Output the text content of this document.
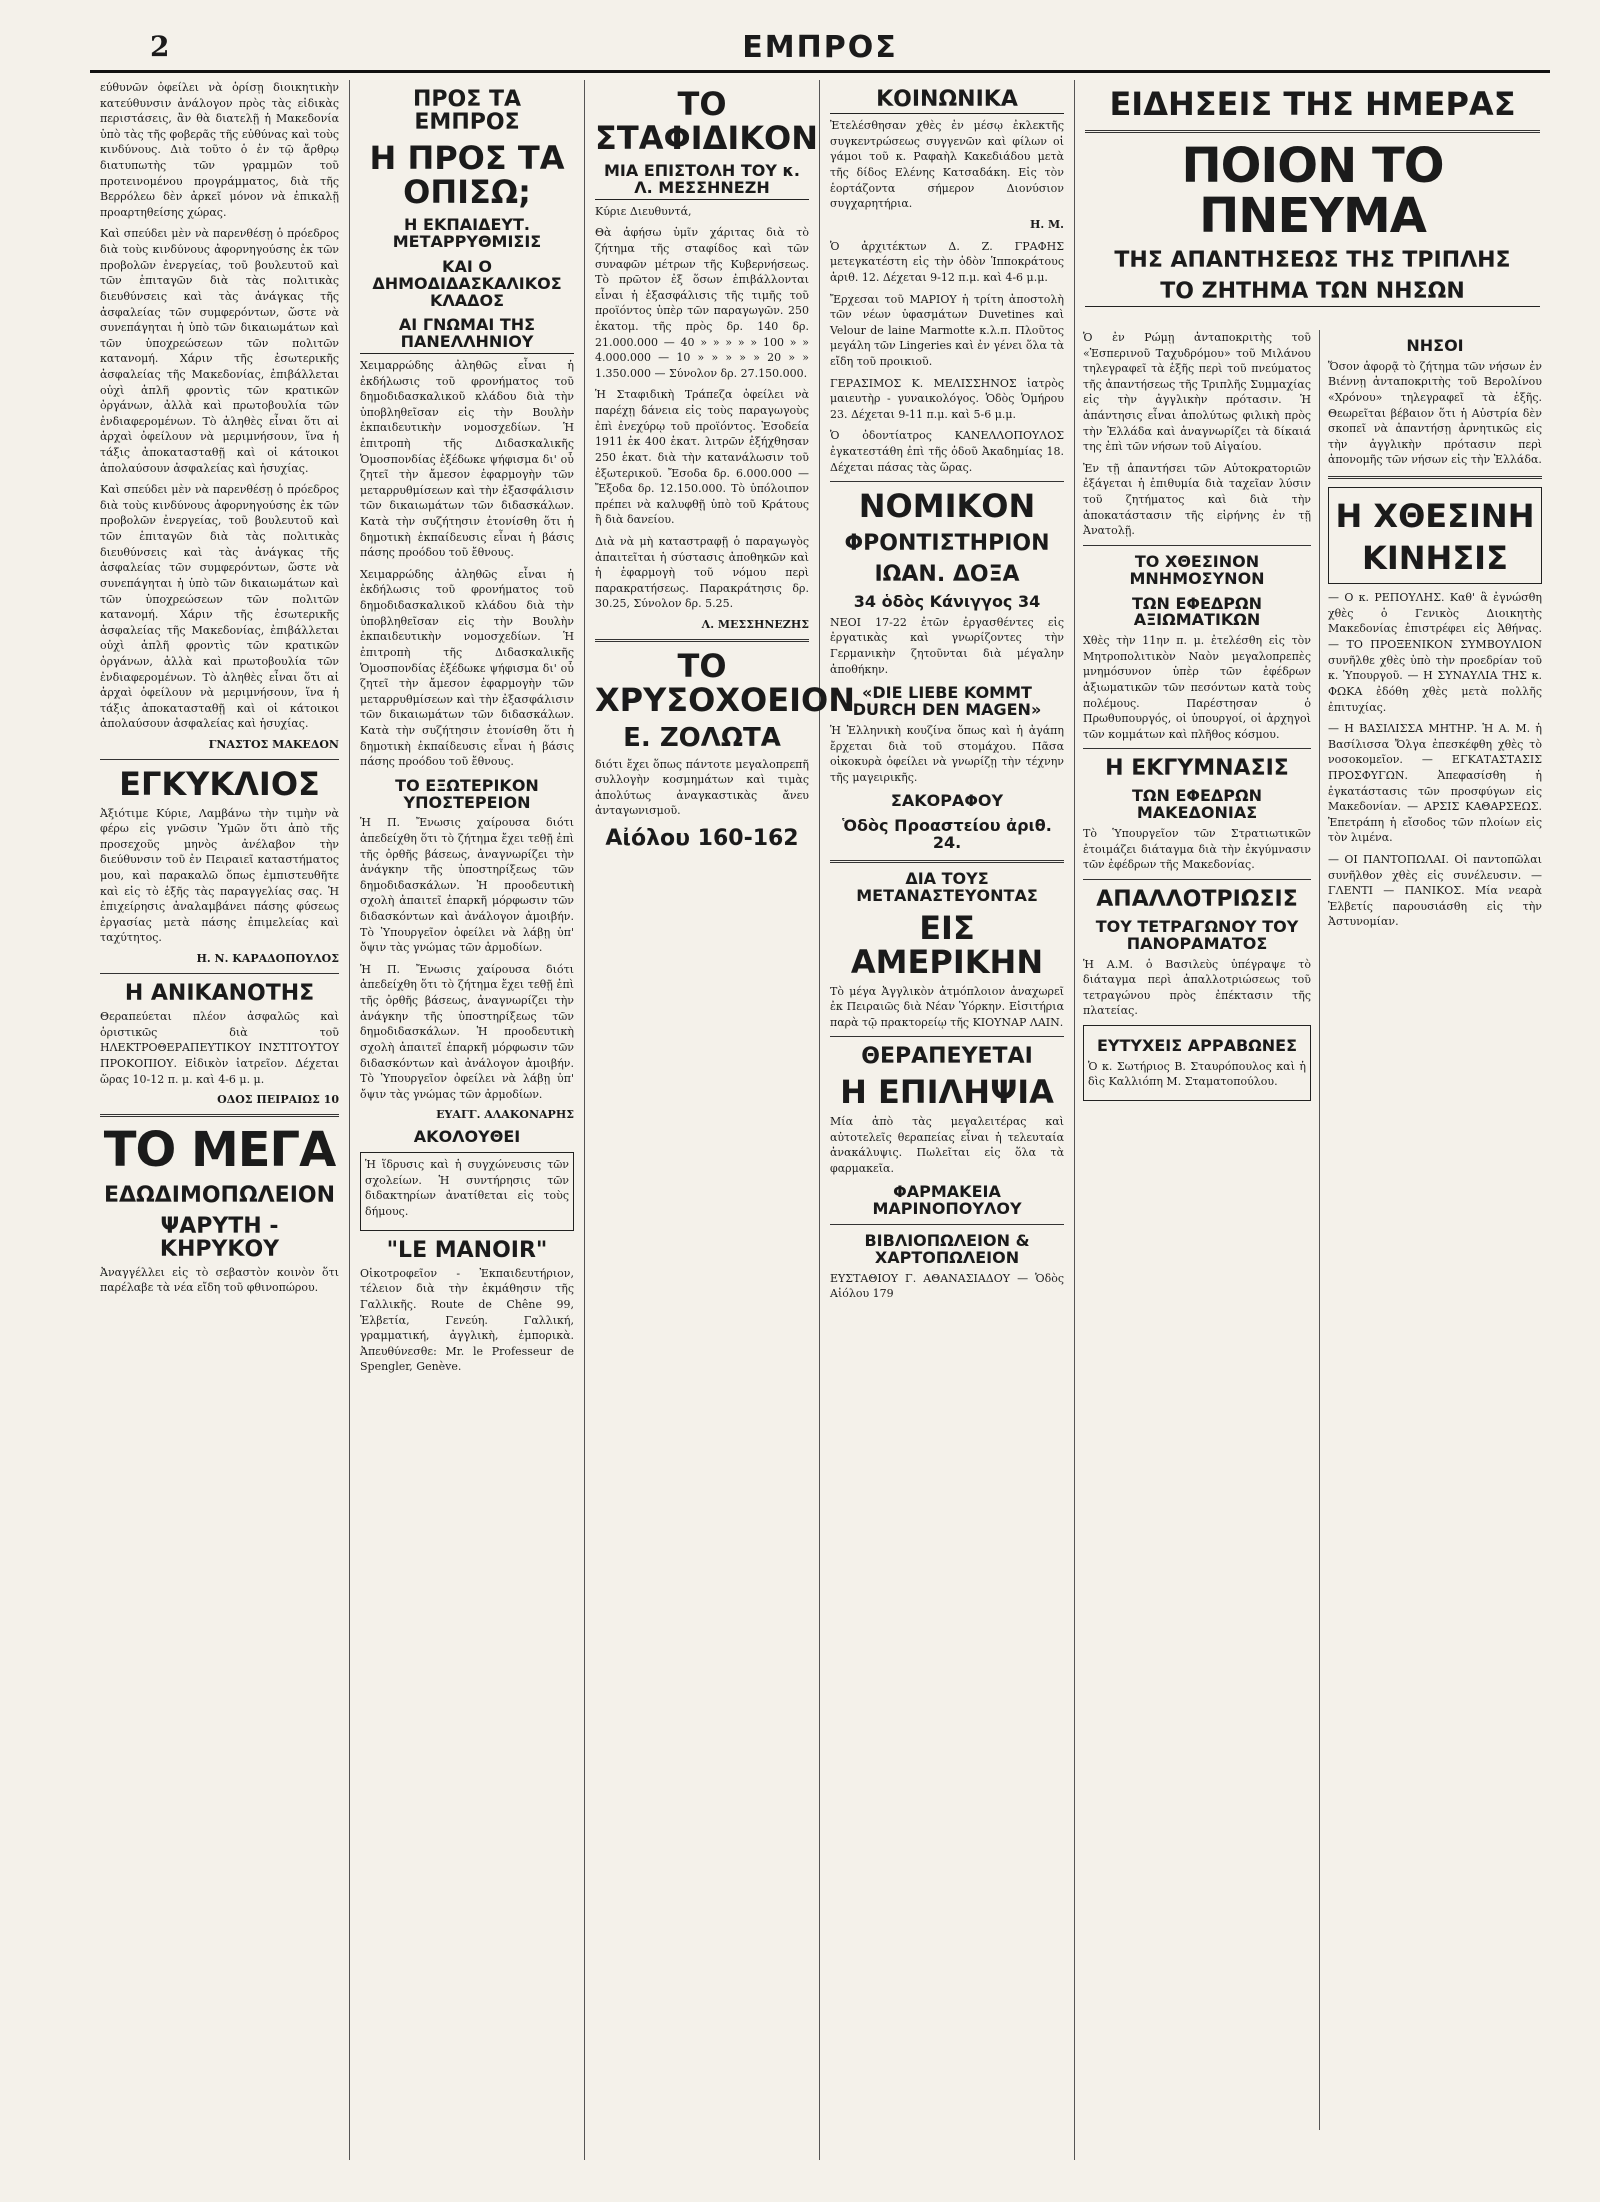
2	ΕΜΠΡΟΣ

εύθυνῶν ὀφείλει νὰ ὁρίσῃ διοικητικὴν κατεύθυνσιν ἀνάλογον πρὸς τὰς εἰδικὰς περιστάσεις, ἂν θὰ διατελῇ ἡ Μακεδονία ὑπὸ τὰς τῆς φοβερᾶς τῆς εὐθύνας καὶ τοὺς κινδύνους. Διὰ τοῦτο ὁ ἐν τῷ ἄρθρῳ διατυπωτὴς τῶν γραμμῶν τοῦ προτεινομένου προγράμματος, διὰ τῆς Βερρόλεω δὲν ἀρκεῖ μόνον νὰ ἐπικαλῇ προαρτηθείσης χώρας.

Καὶ σπεύδει μὲν νὰ παρενθέσῃ ὁ πρόεδρος διὰ τοὺς κινδύνους ἀφορνηγούσης ἐκ τῶν προβολῶν ἐνεργείας, τοῦ βουλευτοῦ καὶ τῶν ἑπιταγῶν διὰ τὰς πολιτικὰς διευθύνσεις καὶ τὰς ἀνάγκας τῆς ἀσφαλείας τῶν συμφερόντων, ὥστε νὰ συνεπάγηται ἡ ὑπὸ τῶν δικαιωμάτων καὶ τῶν ὑποχρεώσεων τῶν πολιτῶν κατανομή. Χάριν τῆς ἐσωτερικῆς ἀσφαλείας τῆς Μακεδονίας, ἐπιβάλλεται οὐχὶ ἁπλῆ φροντὶς τῶν κρατικῶν ὀργάνων, ἀλλὰ καὶ πρωτοβουλία τῶν ἐνδιαφερομένων. Τὸ ἀληθὲς εἶναι ὅτι αἱ ἀρχαὶ ὀφείλουν νὰ μεριμνήσουν, ἵνα ἡ τάξις ἀποκατασταθῇ καὶ οἱ κάτοικοι ἀπολαύσουν ἀσφαλείας καὶ ἡσυχίας.

Καὶ σπεύδει μὲν νὰ παρενθέσῃ ὁ πρόεδρος διὰ τοὺς κινδύνους ἀφορνηγούσης ἐκ τῶν προβολῶν ἐνεργείας, τοῦ βουλευτοῦ καὶ τῶν ἑπιταγῶν διὰ τὰς πολιτικὰς διευθύνσεις καὶ τὰς ἀνάγκας τῆς ἀσφαλείας τῶν συμφερόντων, ὥστε νὰ συνεπάγηται ἡ ὑπὸ τῶν δικαιωμάτων καὶ τῶν ὑποχρεώσεων τῶν πολιτῶν κατανομή. Χάριν τῆς ἐσωτερικῆς ἀσφαλείας τῆς Μακεδονίας, ἐπιβάλλεται οὐχὶ ἁπλῆ φροντὶς τῶν κρατικῶν ὀργάνων, ἀλλὰ καὶ πρωτοβουλία τῶν ἐνδιαφερομένων. Τὸ ἀληθὲς εἶναι ὅτι αἱ ἀρχαὶ ὀφείλουν νὰ μεριμνήσουν, ἵνα ἡ τάξις ἀποκατασταθῇ καὶ οἱ κάτοικοι ἀπολαύσουν ἀσφαλείας καὶ ἡσυχίας.

ΓΝΑΣΤΟΣ ΜΑΚΕΔΟΝ
ΕΓΚΥΚΛΙΟΣ

Ἀξιότιμε Κύριε, Λαμβάνω τὴν τιμὴν νὰ φέρω εἰς γνῶσιν Ὑμῶν ὅτι ἀπὸ τῆς προσεχοῦς μηνὸς ἀνέλαβον τὴν διεύθυνσιν τοῦ ἐν Πειραιεῖ καταστήματος μου, καὶ παρακαλῶ ὅπως ἐμπιστευθῆτε καὶ εἰς τὸ ἑξῆς τὰς παραγγελίας σας. Ἡ ἐπιχείρησις ἀναλαμβάνει πάσης φύσεως ἐργασίας μετὰ πάσης ἐπιμελείας καὶ ταχύτητος.

Η. Ν. ΚΑΡΑΔΟΠΟΥΛΟΣ
Η ΑΝΙΚΑΝΟΤΗΣ

Θεραπεύεται πλέον ἀσφαλῶς καὶ ὁριστικῶς διὰ τοῦ ΗΛΕΚΤΡΟΘΕΡΑΠΕΥΤΙΚΟΥ ΙΝΣΤΙΤΟΥΤΟΥ ΠΡΟΚΟΠΙΟΥ. Εἰδικὸν ἰατρεῖον. Δέχεται ὥρας 10-12 π. μ. καὶ 4-6 μ. μ.

ΟΔΟΣ ΠΕΙΡΑΙΩΣ 10
ΤΟ ΜΕΓΑ
ΕΔΩΔΙΜΟΠΩΛΕΙΟΝ
ΨΑΡΥΤΗ - ΚΗΡΥΚΟΥ

Ἀναγγέλλει εἰς τὸ σεβαστὸν κοινὸν ὅτι παρέλαβε τὰ νέα εἴδη τοῦ φθινοπώρου.

ΠΡΟΣ ΤΑ ΕΜΠΡΟΣ
Η ΠΡΟΣ ΤΑ ΟΠΙΣΩ;
Η ΕΚΠΑΙΔΕΥΤ. ΜΕΤΑΡΡΥΘΜΙΣΙΣ
ΚΑΙ Ο ΔΗΜΟΔΙΔΑΣΚΑΛΙΚΟΣ ΚΛΑΔΟΣ
ΑΙ ΓΝΩΜΑΙ ΤΗΣ ΠΑΝΕΛΛΗΝΙΟΥ

Χειμαρρώδης ἀληθῶς εἶναι ἡ ἐκδήλωσις τοῦ φρονήματος τοῦ δημοδιδασκαλικοῦ κλάδου διὰ τὴν ὑποβληθεῖσαν εἰς τὴν Βουλὴν ἐκπαιδευτικὴν νομοσχεδίων. Ἡ ἐπιτροπὴ τῆς Διδασκαλικῆς Ὁμοσπονδίας ἐξέδωκε ψήφισμα δι' οὗ ζητεῖ τὴν ἄμεσον ἐφαρμογὴν τῶν μεταρρυθμίσεων καὶ τὴν ἐξασφάλισιν τῶν δικαιωμάτων τῶν διδασκάλων. Κατὰ τὴν συζήτησιν ἐτονίσθη ὅτι ἡ δημοτικὴ ἐκπαίδευσις εἶναι ἡ βάσις πάσης προόδου τοῦ ἔθνους.

Χειμαρρώδης ἀληθῶς εἶναι ἡ ἐκδήλωσις τοῦ φρονήματος τοῦ δημοδιδασκαλικοῦ κλάδου διὰ τὴν ὑποβληθεῖσαν εἰς τὴν Βουλὴν ἐκπαιδευτικὴν νομοσχεδίων. Ἡ ἐπιτροπὴ τῆς Διδασκαλικῆς Ὁμοσπονδίας ἐξέδωκε ψήφισμα δι' οὗ ζητεῖ τὴν ἄμεσον ἐφαρμογὴν τῶν μεταρρυθμίσεων καὶ τὴν ἐξασφάλισιν τῶν δικαιωμάτων τῶν διδασκάλων. Κατὰ τὴν συζήτησιν ἐτονίσθη ὅτι ἡ δημοτικὴ ἐκπαίδευσις εἶναι ἡ βάσις πάσης προόδου τοῦ ἔθνους.

ΤΟ ΕΞΩΤΕΡΙΚΟΝ ΥΠΟΣΤΕΡΕΙΟΝ

Ἡ Π. Ἔνωσις χαίρουσα διότι ἀπεδείχθη ὅτι τὸ ζήτημα ἔχει τεθῇ ἐπὶ τῆς ὀρθῆς βάσεως, ἀναγνωρίζει τὴν ἀνάγκην τῆς ὑποστηρίξεως τῶν δημοδιδασκάλων. Ἡ προοδευτικὴ σχολὴ ἀπαιτεῖ ἐπαρκῆ μόρφωσιν τῶν διδασκόντων καὶ ἀνάλογον ἀμοιβήν. Τὸ Ὑπουργεῖον ὀφείλει νὰ λάβῃ ὑπ' ὄψιν τὰς γνώμας τῶν ἀρμοδίων.

Ἡ Π. Ἔνωσις χαίρουσα διότι ἀπεδείχθη ὅτι τὸ ζήτημα ἔχει τεθῇ ἐπὶ τῆς ὀρθῆς βάσεως, ἀναγνωρίζει τὴν ἀνάγκην τῆς ὑποστηρίξεως τῶν δημοδιδασκάλων. Ἡ προοδευτικὴ σχολὴ ἀπαιτεῖ ἐπαρκῆ μόρφωσιν τῶν διδασκόντων καὶ ἀνάλογον ἀμοιβήν. Τὸ Ὑπουργεῖον ὀφείλει νὰ λάβῃ ὑπ' ὄψιν τὰς γνώμας τῶν ἀρμοδίων.

ΕΥΑΓΓ. ΑΛΑΚΟΝΑΡΗΣ
ΑΚΟΛΟΥΘΕΙ

Ἡ ἵδρυσις καὶ ἡ συγχώνευσις τῶν σχολείων. Ἡ συντήρησις τῶν διδακτηρίων ἀνατίθεται εἰς τοὺς δήμους.

"LE MANOIR"

Οἰκοτροφεῖον - Ἐκπαιδευτήριον, τέλειον διὰ τὴν ἐκμάθησιν τῆς Γαλλικῆς. Route de Chêne 99, Ἑλβετία, Γενεύη. Γαλλική, γραμματική, ἀγγλικὴ, ἐμπορικὰ. Ἀπευθύνεσθε: Mr. le Professeur de Spengler, Genève.

ΤΟ ΣΤΑΦΙΔΙΚΟΝ
ΜΙΑ ΕΠΙΣΤΟΛΗ ΤΟΥ κ. Λ. ΜΕΣΣΗΝΕΖΗ

Κύριε Διευθυντά,

Θὰ ἀφήσω ὑμῖν χάριτας διὰ τὸ ζήτημα τῆς σταφίδος καὶ τῶν συναφῶν μέτρων τῆς Κυβερνήσεως. Τὸ πρῶτον ἐξ ὅσων ἐπιβάλλονται εἶναι ἡ ἐξασφάλισις τῆς τιμῆς τοῦ προϊόντος ὑπὲρ τῶν παραγωγῶν. 250 ἑκατομ. τῆς πρὸς δρ. 140 δρ. 21.000.000 — 40 » » » » » 100 » » 4.000.000 — 10 » » » » » 20 » » 1.350.000 — Σύνολον δρ. 27.150.000.

Ἡ Σταφιδικὴ Τράπεζα ὀφείλει νὰ παρέχῃ δάνεια εἰς τοὺς παραγωγοὺς ἐπὶ ἐνεχύρῳ τοῦ προϊόντος. Ἐσοδεία 1911 ἐκ 400 ἑκατ. λιτρῶν ἐξήχθησαν 250 ἑκατ. διὰ τὴν κατανάλωσιν τοῦ ἐξωτερικοῦ. Ἔσοδα δρ. 6.000.000 — Ἔξοδα δρ. 12.150.000. Τὸ ὑπόλοιπον πρέπει νὰ καλυφθῇ ὑπὸ τοῦ Κράτους ἢ διὰ δανείου.

Διὰ νὰ μὴ καταστραφῇ ὁ παραγωγὸς ἀπαιτεῖται ἡ σύστασις ἀποθηκῶν καὶ ἡ ἐφαρμογὴ τοῦ νόμου περὶ παρακρατήσεως. Παρακράτησις δρ. 30.25, Σύνολον δρ. 5.25.

Λ. ΜΕΣΣΗΝΕΖΗΣ
ΤΟ ΧΡΥΣΟΧΟΕΙΟΝ
Ε. ΖΟΛΩΤΑ

διότι ἔχει ὅπως πάντοτε μεγαλοπρεπῆ συλλογὴν κοσμημάτων καὶ τιμὰς ἀπολύτως ἀναγκαστικὰς ἄνευ ἀνταγωνισμοῦ.

Αἰόλου 160-162
ΚΟΙΝΩΝΙΚΑ

Ἐτελέσθησαν χθὲς ἐν μέσῳ ἐκλεκτῆς συγκεντρώσεως συγγενῶν καὶ φίλων οἱ γάμοι τοῦ κ. Ραφαὴλ Κακεδιάδου μετὰ τῆς δίδος Ελένης Κατσαδάκη. Εἰς τὸν ἑορτάζοντα σήμερον Διονύσιον συγχαρητήρια.

Η. Μ.

Ὁ ἀρχιτέκτων Δ. Ζ. ΓΡΑΦΗΣ μετεγκατέστη εἰς τὴν ὁδὸν Ἱπποκράτους ἀριθ. 12. Δέχεται 9-12 π.μ. καὶ 4-6 μ.μ.

Ἔρχεσαι τοῦ ΜΑΡΙΟΥ ἡ τρίτη ἀποστολὴ τῶν νέων ὑφασμάτων Duvetines καὶ Velour de laine Marmotte κ.λ.π. Πλοῦτος μεγάλη τῶν Lingeries καὶ ἐν γένει ὅλα τὰ εἴδη τοῦ προικιοῦ.

ΓΕΡΑΣΙΜΟΣ Κ. ΜΕΛΙΣΣΗΝΟΣ ἰατρὸς μαιευτὴρ - γυναικολόγος. Ὁδὸς Ὁμήρου 23. Δέχεται 9-11 π.μ. καὶ 5-6 μ.μ.

Ὁ ὀδοντίατρος ΚΑΝΕΛΛΟΠΟΥΛΟΣ ἐγκατεστάθη ἐπὶ τῆς ὁδοῦ Ἀκαδημίας 18. Δέχεται πάσας τὰς ὥρας.

ΝΟΜΙΚΟΝ
ΦΡΟΝΤΙΣΤΗΡΙΟΝ
ΙΩΑΝ. ΔΟΞΑ
34 ὁδὸς Κάνιγγος 34

ΝΕΟΙ 17-22 ἐτῶν ἐργασθέντες εἰς ἐργατικὰς καὶ γνωρίζοντες τὴν Γερμανικὴν ζητοῦνται διὰ μέγαλην ἀποθήκην.

«DIE LIEBE KOMMT DURCH DEN MAGEN»

Ἡ Ἑλληνικὴ κουζίνα ὅπως καὶ ἡ ἀγάπη ἔρχεται διὰ τοῦ στομάχου. Πᾶσα οἰκοκυρὰ ὀφείλει νὰ γνωρίζῃ τὴν τέχνην τῆς μαγειρικῆς.

ΣΑΚΟΡΑΦΟΥ
Ὁδὸς Προαστείου ἀριθ. 24.
ΔΙΑ ΤΟΥΣ ΜΕΤΑΝΑΣΤΕΥΟΝΤΑΣ
ΕΙΣ ΑΜΕΡΙΚΗΝ

Τὸ μέγα Ἀγγλικὸν ἀτμόπλοιον ἀναχωρεῖ ἐκ Πειραιῶς διὰ Νέαν Ὑόρκην. Εἰσιτήρια παρὰ τῷ πρακτορείῳ τῆς ΚΙΟΥΝΑΡ ΛΑΙΝ.

ΘΕΡΑΠΕΥΕΤΑΙ
Η ΕΠΙΛΗΨΙΑ

Μία ἀπὸ τὰς μεγαλειτέρας καὶ αὐτοτελεῖς θεραπείας εἶναι ἡ τελευταία ἀνακάλυψις. Πωλεῖται εἰς ὅλα τὰ φαρμακεῖα.

ΦΑΡΜΑΚΕΙΑ ΜΑΡΙΝΟΠΟΥΛΟΥ
ΒΙΒΛΙΟΠΩΛΕΙΟΝ & ΧΑΡΤΟΠΩΛΕΙΟΝ

ΕΥΣΤΑΘΙΟΥ Γ. ΑΘΑΝΑΣΙΑΔΟΥ — Ὁδὸς Αἰόλου 179

ΕΙΔΗΣΕΙΣ ΤΗΣ ΗΜΕΡΑΣ
ΠΟΙΟΝ ΤΟ ΠΝΕΥΜΑ
ΤΗΣ ΑΠΑΝΤΗΣΕΩΣ ΤΗΣ ΤΡΙΠΛΗΣ
ΤΟ ΖΗΤΗΜΑ ΤΩΝ ΝΗΣΩΝ

Ὁ ἐν Ρώμῃ ἀνταποκριτὴς τοῦ «Ἑσπερινοῦ Ταχυδρόμου» τοῦ Μιλάνου τηλεγραφεῖ τὰ ἑξῆς περὶ τοῦ πνεύματος τῆς ἀπαντήσεως τῆς Τριπλῆς Συμμαχίας εἰς τὴν ἀγγλικὴν πρότασιν. Ἡ ἀπάντησις εἶναι ἀπολύτως φιλικὴ πρὸς τὴν Ἑλλάδα καὶ ἀναγνωρίζει τὰ δίκαιά της ἐπὶ τῶν νήσων τοῦ Αἰγαίου.

Ἐν τῇ ἀπαντήσει τῶν Αὐτοκρατοριῶν ἐξάγεται ἡ ἐπιθυμία διὰ ταχεῖαν λύσιν τοῦ ζητήματος καὶ διὰ τὴν ἀποκατάστασιν τῆς εἰρήνης ἐν τῇ Ἀνατολῇ.

ΤΟ ΧΘΕΣΙΝΟΝ ΜΝΗΜΟΣΥΝΟΝ
ΤΩΝ ΕΦΕΔΡΩΝ ΑΞΙΩΜΑΤΙΚΩΝ

Χθὲς τὴν 11ην π. μ. ἐτελέσθη εἰς τὸν Μητροπολιτικὸν Ναὸν μεγαλοπρεπὲς μνημόσυνον ὑπὲρ τῶν ἐφέδρων ἀξιωματικῶν τῶν πεσόντων κατὰ τοὺς πολέμους. Παρέστησαν ὁ Πρωθυπουργός, οἱ ὑπουργοί, οἱ ἀρχηγοὶ τῶν κομμάτων καὶ πλῆθος κόσμου.

Η ΕΚΓΥΜΝΑΣΙΣ
ΤΩΝ ΕΦΕΔΡΩΝ ΜΑΚΕΔΟΝΙΑΣ

Τὸ Ὑπουργεῖον τῶν Στρατιωτικῶν ἐτοιμάζει διάταγμα διὰ τὴν ἐκγύμνασιν τῶν ἐφέδρων τῆς Μακεδονίας.

ΑΠΑΛΛΟΤΡΙΩΣΙΣ
ΤΟΥ ΤΕΤΡΑΓΩΝΟΥ ΤΟΥ ΠΑΝΟΡΑΜΑΤΟΣ

Ἡ Α.Μ. ὁ Βασιλεὺς ὑπέγραψε τὸ διάταγμα περὶ ἀπαλλοτριώσεως τοῦ τετραγώνου πρὸς ἐπέκτασιν τῆς πλατείας.

ΕΥΤΥΧΕΙΣ ΑΡΡΑΒΩΝΕΣ

Ὁ κ. Σωτήριος Β. Σταυρόπουλος καὶ ἡ δὶς Καλλιόπη Μ. Σταματοπούλου.

ΝΗΣΟΙ

Ὅσον ἀφορᾷ τὸ ζήτημα τῶν νήσων ἐν Βιέννῃ ἀνταποκριτὴς τοῦ Βερολίνου «Χρόνου» τηλεγραφεῖ τὰ ἑξῆς. Θεωρεῖται βέβαιον ὅτι ἡ Αὐστρία δὲν σκοπεῖ νὰ ἀπαντήσῃ ἀρνητικῶς εἰς τὴν ἀγγλικὴν πρότασιν περὶ ἀπονομῆς τῶν νήσων εἰς τὴν Ἑλλάδα.

Η ΧΘΕΣΙΝΗ
ΚΙΝΗΣΙΣ

— Ο κ. ΡΕΠΟΥΛΗΣ. Καθ' ἃ ἐγνώσθη χθὲς ὁ Γενικὸς Διοικητὴς Μακεδονίας ἐπιστρέφει εἰς Ἀθήνας. — ΤΟ ΠΡΟΞΕΝΙΚΟΝ ΣΥΜΒΟΥΛΙΟΝ συνῆλθε χθὲς ὑπὸ τὴν προεδρίαν τοῦ κ. Ὑπουργοῦ. — Η ΣΥΝΑΥΛΙΑ ΤΗΣ κ. ΦΩΚΑ ἐδόθη χθὲς μετὰ πολλῆς ἐπιτυχίας.

— Η ΒΑΣΙΛΙΣΣΑ ΜΗΤΗΡ. Ἡ Α. Μ. ἡ Βασίλισσα Ὄλγα ἐπεσκέφθη χθὲς τὸ νοσοκομεῖον. — ΕΓΚΑΤΑΣΤΑΣΙΣ ΠΡΟΣΦΥΓΩΝ. Ἀπεφασίσθη ἡ ἐγκατάστασις τῶν προσφύγων εἰς Μακεδονίαν. — ΑΡΣΙΣ ΚΑΘΑΡΣΕΩΣ. Ἐπετράπη ἡ εἴσοδος τῶν πλοίων εἰς τὸν λιμένα.

— ΟΙ ΠΑΝΤΟΠΩΛΑΙ. Οἱ παντοπῶλαι συνῆλθον χθὲς εἰς συνέλευσιν. — ΓΛΕΝΤΙ — ΠΑΝΙΚΟΣ. Μία νεαρὰ Ἐλβετίς παρουσιάσθη εἰς τὴν Ἀστυνομίαν.
